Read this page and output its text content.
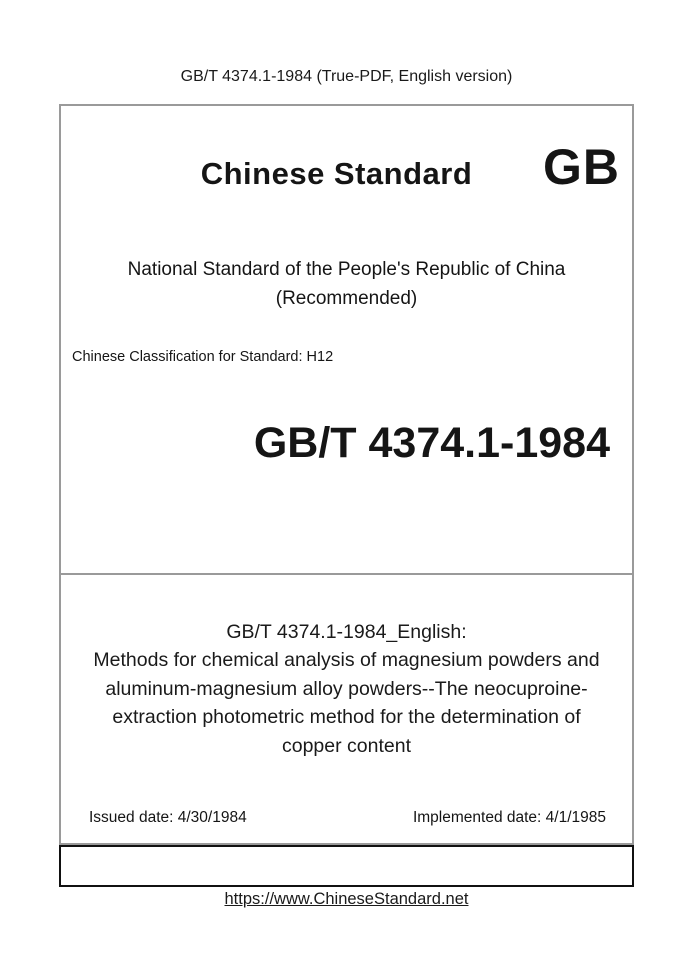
GB/T 4374.1-1984 (True-PDF, English version)
Chinese Standard	GB
National Standard of the People's Republic of China
(Recommended)
Chinese Classification for Standard: H12
GB/T 4374.1-1984
GB/T 4374.1-1984_English:
Methods for chemical analysis of magnesium powders and
aluminum-magnesium alloy powders--The neocuproine-
extraction photometric method for the determination of
copper content
Issued date: 4/30/1984	Implemented date: 4/1/1985
https://www.ChineseStandard.net
